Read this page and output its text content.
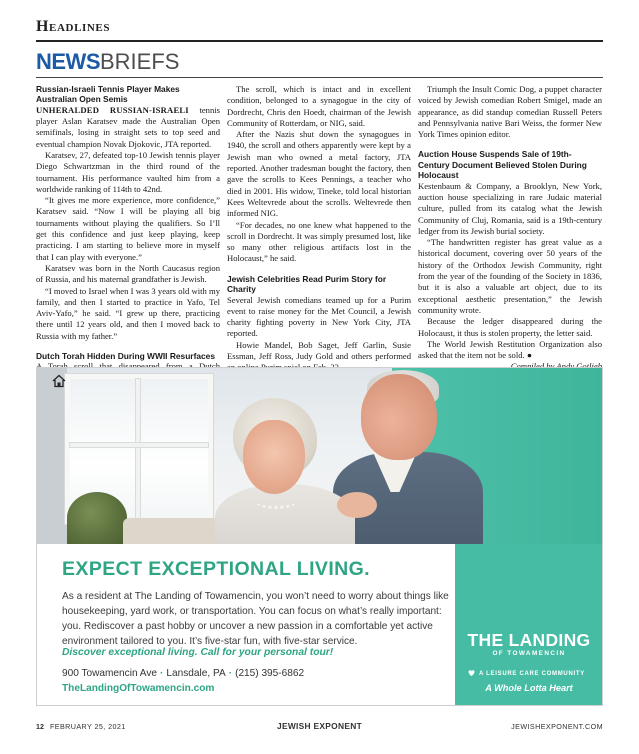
Headlines
NEWSBRIEFS
Russian-Israeli Tennis Player Makes Australian Open Semis

UNHERALDED RUSSIAN-ISRAELI tennis player Aslan Karatsev made the Australian Open semifinals, losing in straight sets to top seed and eventual champion Novak Djokovic, JTA reported.

Karatsev, 27, defeated top-10 Jewish tennis player Diego Schwartzman in the third round of the tournament. His performance vaulted him from a worldwide ranking of 114th to 42nd.

“It gives me more experience, more confidence,” Karatsev said. “Now I will be playing all big tournaments without playing the qualifiers. So I’ll get this confidence and just keep playing, keep practicing. I am starting to believe more in myself that I can play with everyone.”

Karatsev was born in the North Caucasus region of Russia, and his maternal grandfather is Jewish.

“I moved to Israel when I was 3 years old with my family, and then I started to practice in Yafo, Tel Aviv-Yafo,” he said. “I grew up there, practicing there until 12 years old, and then I moved back to Russia with my father.”

Dutch Torah Hidden During WWII Resurfaces

The scroll, which is intact and in excellent condition, belonged to a synagogue in the city of Dordrecht, Chris den Hoedt, chairman of the Jewish Community of Rotterdam, or NIG, said.

After the Nazis shut down the synagogues in 1940, the scroll and others apparently were kept by a Jewish man who owned a metal factory, JTA reported. Another tradesman bought the factory, then gave the scrolls to Kees Pennings, a teacher who died in 2001. His widow, Tineke, told local historian Kees Weltevrede about the scrolls. Weltevrede then informed NIG.

“For decades, no one knew what happened to the scroll in Dordrecht. It was simply presumed lost, like so many other religious artifacts lost in the Holocaust,” he said.

Jewish Celebrities Read Purim Story for Charity

Several Jewish comedians teamed up for a Purim event to raise money for the Met Council, a Jewish charity fighting poverty in New York City, JTA reported.

Howie Mandel, Bob Saget, Jeff Garlin, Susie Essman, Jeff Ross, Judy Gold and others performed

Triumph the Insult Comic Dog, a puppet character voiced by Jewish comedian Robert Smigel, made an appearance, as did standup comedian Russell Peters and Pennsylvania native Bari Weiss, the former New York Times opinion editor.

Auction House Suspends Sale of 19th-Century Document Believed Stolen During Holocaust

Kestenbaum & Company, a Brooklyn, New York, auction house specializing in rare Judaic material culture, pulled from its catalog what the Jewish Community of Cluj, Romania, said is a 19th-century ledger from its Jewish burial society.

“The handwritten register has great value as a historical document, covering over 50 years of the history of the Orthodox Jewish Community, right from the year of the founding of the Society in 1836, but it is also a valuable art object, due to its exceptional aesthetic presentation,” the Jewish community wrote.

Because the ledger disappeared during the Holocaust, it thus is stolen property, the letter said.

The World Jewish Restitution Organization also asked that the item not be sold. ●

EXPECT EXCEPTIONAL LIVING.
As a resident at The Landing of Towamencin, you won’t need to worry about things like housekeeping, yard work, or transportation. You can focus on what’s really important: you. Rediscover a past hobby or uncover a new passion in a comfortable yet active environment tailored to you. It’s five-star fun, with five-star service.
Discover exceptional living. Call for your personal tour!
900 Towamencin Ave · Lansdale, PA · (215) 395-6862
TheLandingOfTowamencin.com
THE LANDING
OF TOWAMENCIN
A LEISURE CARE COMMUNITY
A Whole Lotta Heart
12 FEBRUARY 25, 2021	JEWISH EXPONENT	JEWISHEXPONENT.COM
